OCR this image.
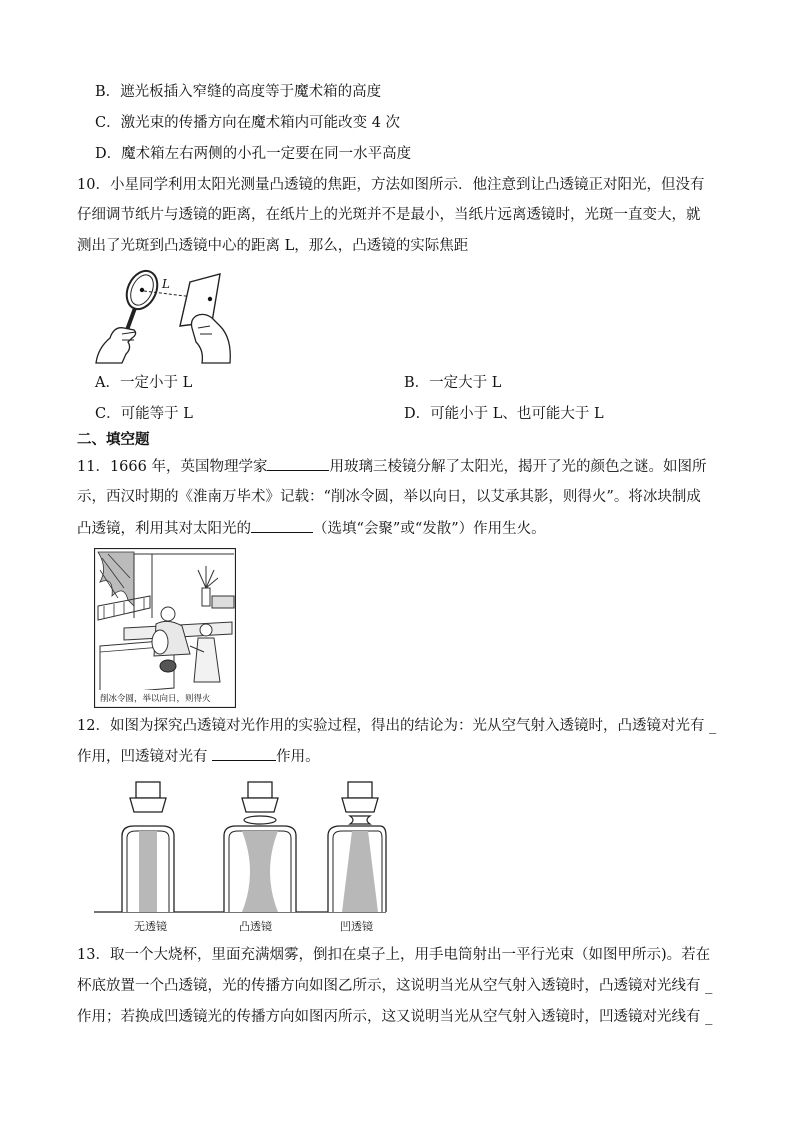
B．遮光板插入窄缝的高度等于魔术箱的高度
C．激光束的传播方向在魔术箱内可能改变 4 次
D．魔术箱左右两侧的小孔一定要在同一水平高度
10．小星同学利用太阳光测量凸透镜的焦距，方法如图所示．他注意到让凸透镜正对阳光，但没有
仔细调节纸片与透镜的距离，在纸片上的光斑并不是最小，当纸片远离透镜时，光斑一直变大，就
测出了光斑到凸透镜中心的距离 L，那么，凸透镜的实际焦距
L
A．一定小于 L	B．一定大于 L
C．可能等于 L	D．可能小于 L、也可能大于 L
二、填空题
11．1666 年，英国物理学家	用玻璃三棱镜分解了太阳光，揭开了光的颜色之谜。如图所
示，西汉时期的《淮南万毕术》记载：“削冰令圆，举以向日，以艾承其影，则得火”。将冰块制成
凸透镜，利用其对太阳光的	（选填“会聚”或“发散”）作用生火。
削冰令圆，举以向日，则得火
12．如图为探究凸透镜对光作用的实验过程，得出的结论为：光从空气射入透镜时，凸透镜对光有 _
作用，凹透镜对光有	作用。
无透镜	凸透镜	凹透镜
13．取一个大烧杯，里面充满烟雾，倒扣在桌子上，用手电筒射出一平行光束（如图甲所示)。若在
杯底放置一个凸透镜，光的传播方向如图乙所示，这说明当光从空气射入透镜时，凸透镜对光线有 _
作用；若换成凹透镜光的传播方向如图丙所示，这又说明当光从空气射入透镜时，凹透镜对光线有 _
